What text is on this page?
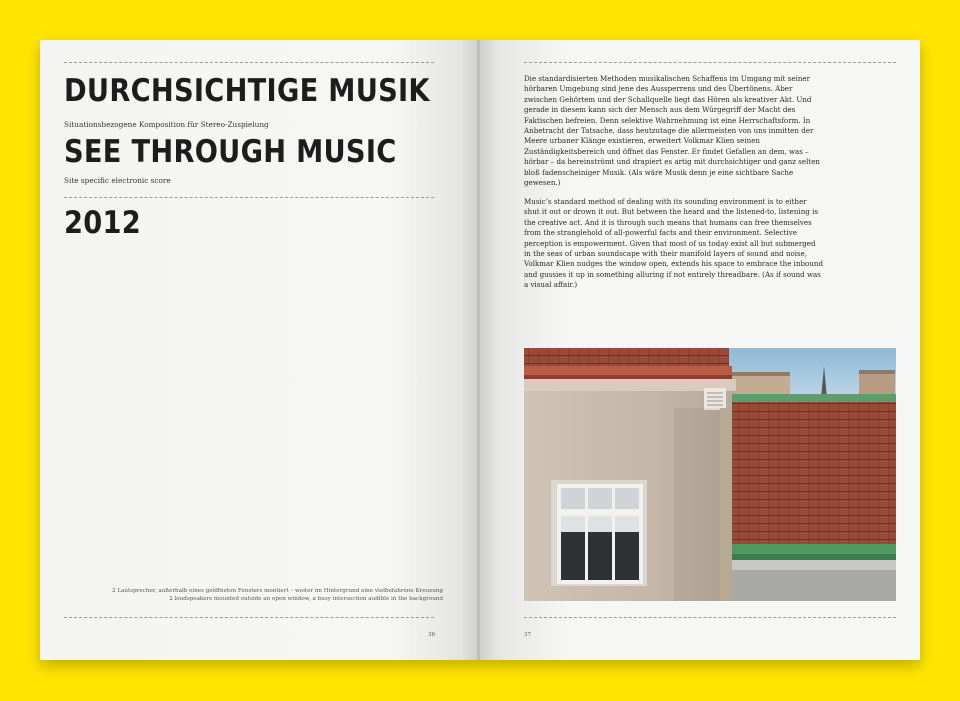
DURCHSICHTIGE MUSIK
Situationsbezogene Komposition für Stereo-Zuspielung
SEE THROUGH MUSIC
Site specific electronic score
2012
2 Lautsprecher, außerhalb eines geöffneten Fensters montiert – weiter im Hintergrund eine vielbefahrene Kreuzung
2 loudspeakers mounted outside an open window, a busy intersection audible in the background
36

Die standardisierten Methoden musikalischen Schaffens im Umgang mit seiner hörbaren Umgebung sind jene des Aussperrens und des Übertönens. Aber zwischen Gehörtem und der Schallquelle liegt das Hören als kreativer Akt. Und gerade in diesem kann sich der Mensch aus dem Würgegriff der Macht des Faktischen befreien. Denn selektive Wahrnehmung ist eine Herrschaftsform. In Anbetracht der Tatsache, dass heutzutage die allermeisten von uns inmitten der Meere urbaner Klänge existieren, erweitert Volkmar Klien seinen Zuständigkeitsbereich und öffnet das Fenster. Er findet Gefallen an dem, was – hörbar – da hereinströmt und drapiert es artig mit durchsichtiger und ganz selten bloß fadenscheiniger Musik. (Als wäre Musik denn je eine sichtbare Sache gewesen.)

Music’s standard method of dealing with its sounding environment is to either shut it out or drown it out. But between the heard and the listened-to, listening is the creative act. And it is through such means that humans can free themselves from the stranglehold of all-powerful facts and their environment. Selective perception is empowerment. Given that most of us today exist all but submerged in the seas of urban soundscape with their manifold layers of sound and noise, Volkmar Klien nudges the window open, extends his space to embrace the inbound and gussies it up in something alluring if not entirely threadbare. (As if sound was a visual affair.)

37
